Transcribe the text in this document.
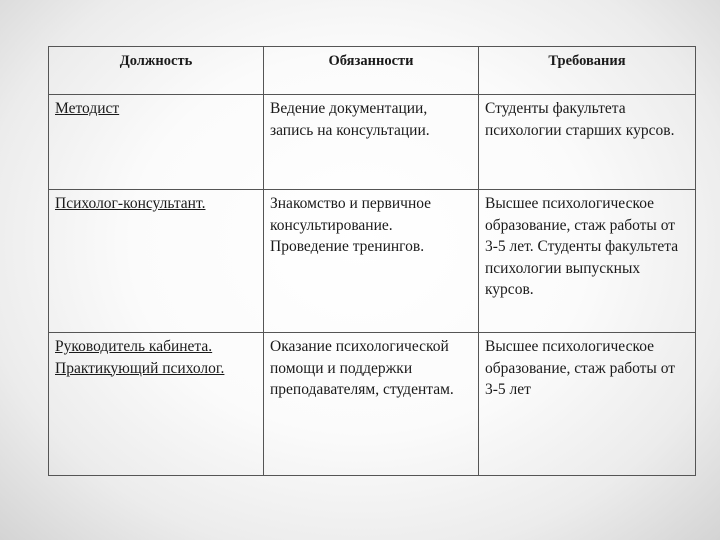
Должность	Обязанности	Требования

Методист	Ведение документации, запись на консультации.	Студенты факультета психологии старших курсов.

Психолог-консультант.	Знакомство и первичное консультирование. Проведение тренингов.	Высшее психологическое образование, стаж работы от 3-5 лет. Студенты факультета психологии выпускных курсов.

Руководитель кабинета. Практикующий психолог.	Оказание психологической помощи и поддержки преподавателям, студентам.	Высшее психологическое образование, стаж работы от 3-5 лет
